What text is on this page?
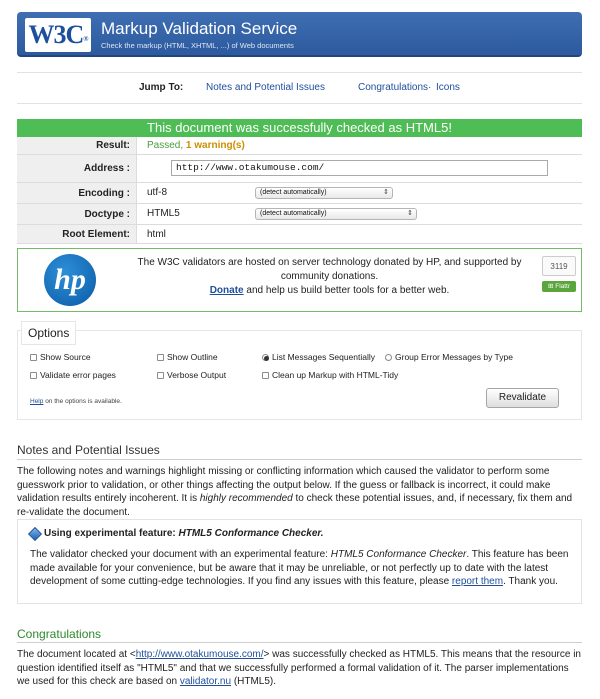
W3C®
Markup Validation Service
Check the markup (HTML, XHTML, ...) of Web documents
Jump To: Notes and Potential Issues	Congratulations · Icons
This document was successfully checked as HTML5!
Result:	Passed, 1 warning(s)
Address :	http://www.otakumouse.com/
Encoding :	utf-8	(detect automatically)	⇕
Doctype :	HTML5	(detect automatically)	⇕
Root Element:	html
hp
The W3C validators are hosted on server technology donated by HP, and supported by community donations.
Donate and help us build better tools for a better web.
3119
⊞ Flattr
Options
Show Source	Show Outline	List Messages Sequentially	Group Error Messages by Type
Validate error pages	Verbose Output	Clean up Markup with HTML-Tidy
Help on the options is available.	Revalidate
Notes and Potential Issues
The following notes and warnings highlight missing or conflicting information which caused the validator to perform some guesswork prior to validation, or other things affecting the output below. If the guess or fallback is incorrect, it could make validation results entirely incoherent. It is highly recommended to check these potential issues, and, if necessary, fix them and re-validate the document.
Using experimental feature: HTML5 Conformance Checker.
The validator checked your document with an experimental feature: HTML5 Conformance Checker. This feature has been made available for your convenience, but be aware that it may be unreliable, or not perfectly up to date with the latest development of some cutting-edge technologies. If you find any issues with this feature, please report them. Thank you.
Congratulations
The document located at <http://www.otakumouse.com/> was successfully checked as HTML5. This means that the resource in question identified itself as "HTML5" and that we successfully performed a formal validation of it. The parser implementations we used for this check are based on validator.nu (HTML5).
